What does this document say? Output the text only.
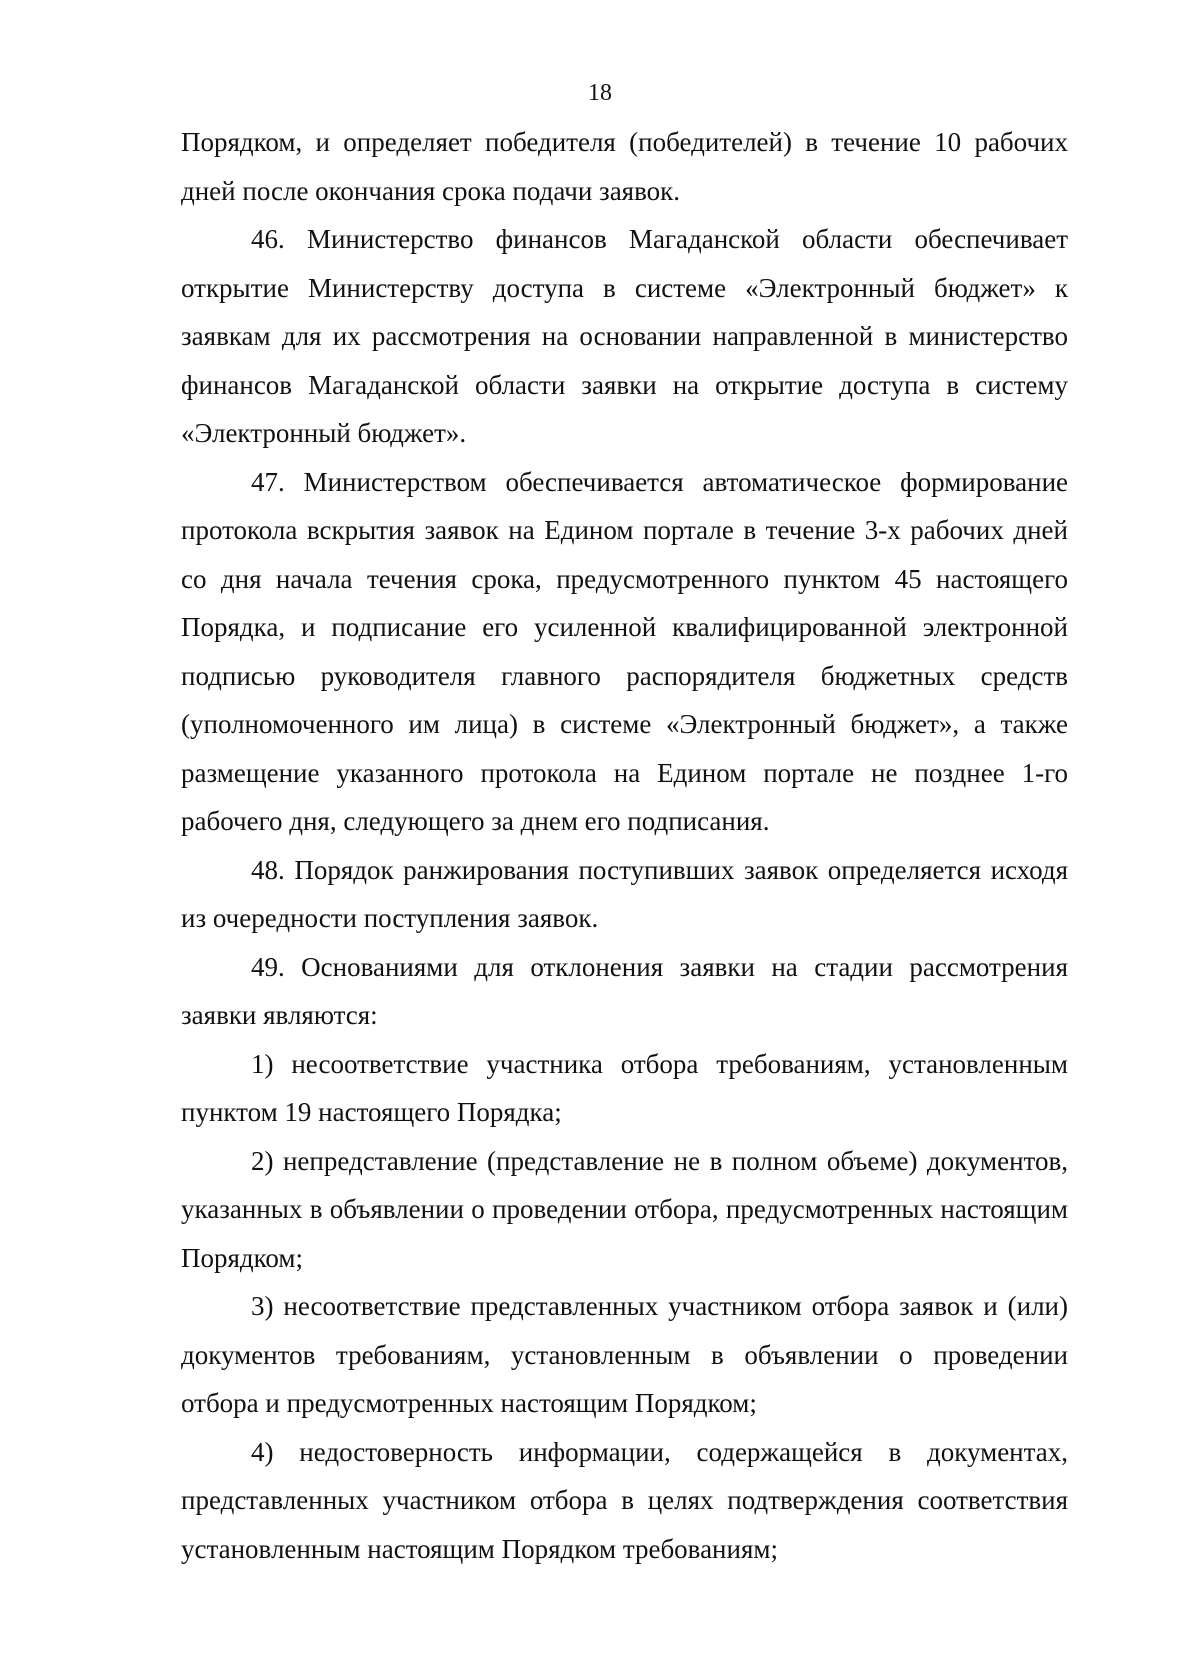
18

Порядком, и определяет победителя (победителей) в течение 10 рабочих дней после окончания срока подачи заявок.

46. Министерство финансов Магаданской области обеспечивает открытие Министерству доступа в системе «Электронный бюджет» к заявкам для их рассмотрения на основании направленной в министерство финансов Магаданской области заявки на открытие доступа в систему «Электронный бюджет».

47. Министерством обеспечивается автоматическое формирование протокола вскрытия заявок на Едином портале в течение 3-х рабочих дней со дня начала течения срока, предусмотренного пунктом 45 настоящего Порядка, и подписание его усиленной квалифицированной электронной подписью руководителя главного распорядителя бюджетных средств (уполномоченного им лица) в системе «Электронный бюджет», а также размещение указанного протокола на Едином портале не позднее 1-го рабочего дня, следующего за днем его подписания.

48. Порядок ранжирования поступивших заявок определяется исходя из очередности поступления заявок.

49. Основаниями для отклонения заявки на стадии рассмотрения заявки являются:

1) несоответствие участника отбора требованиям, установленным пунктом 19 настоящего Порядка;

2) непредставление (представление не в полном объеме) документов, указанных в объявлении о проведении отбора, предусмотренных настоящим Порядком;

3) несоответствие представленных участником отбора заявок и (или) документов требованиям, установленным в объявлении о проведении отбора и предусмотренных настоящим Порядком;

4) недостоверность информации, содержащейся в документах, представленных участником отбора в целях подтверждения соответствия установленным настоящим Порядком требованиям;
